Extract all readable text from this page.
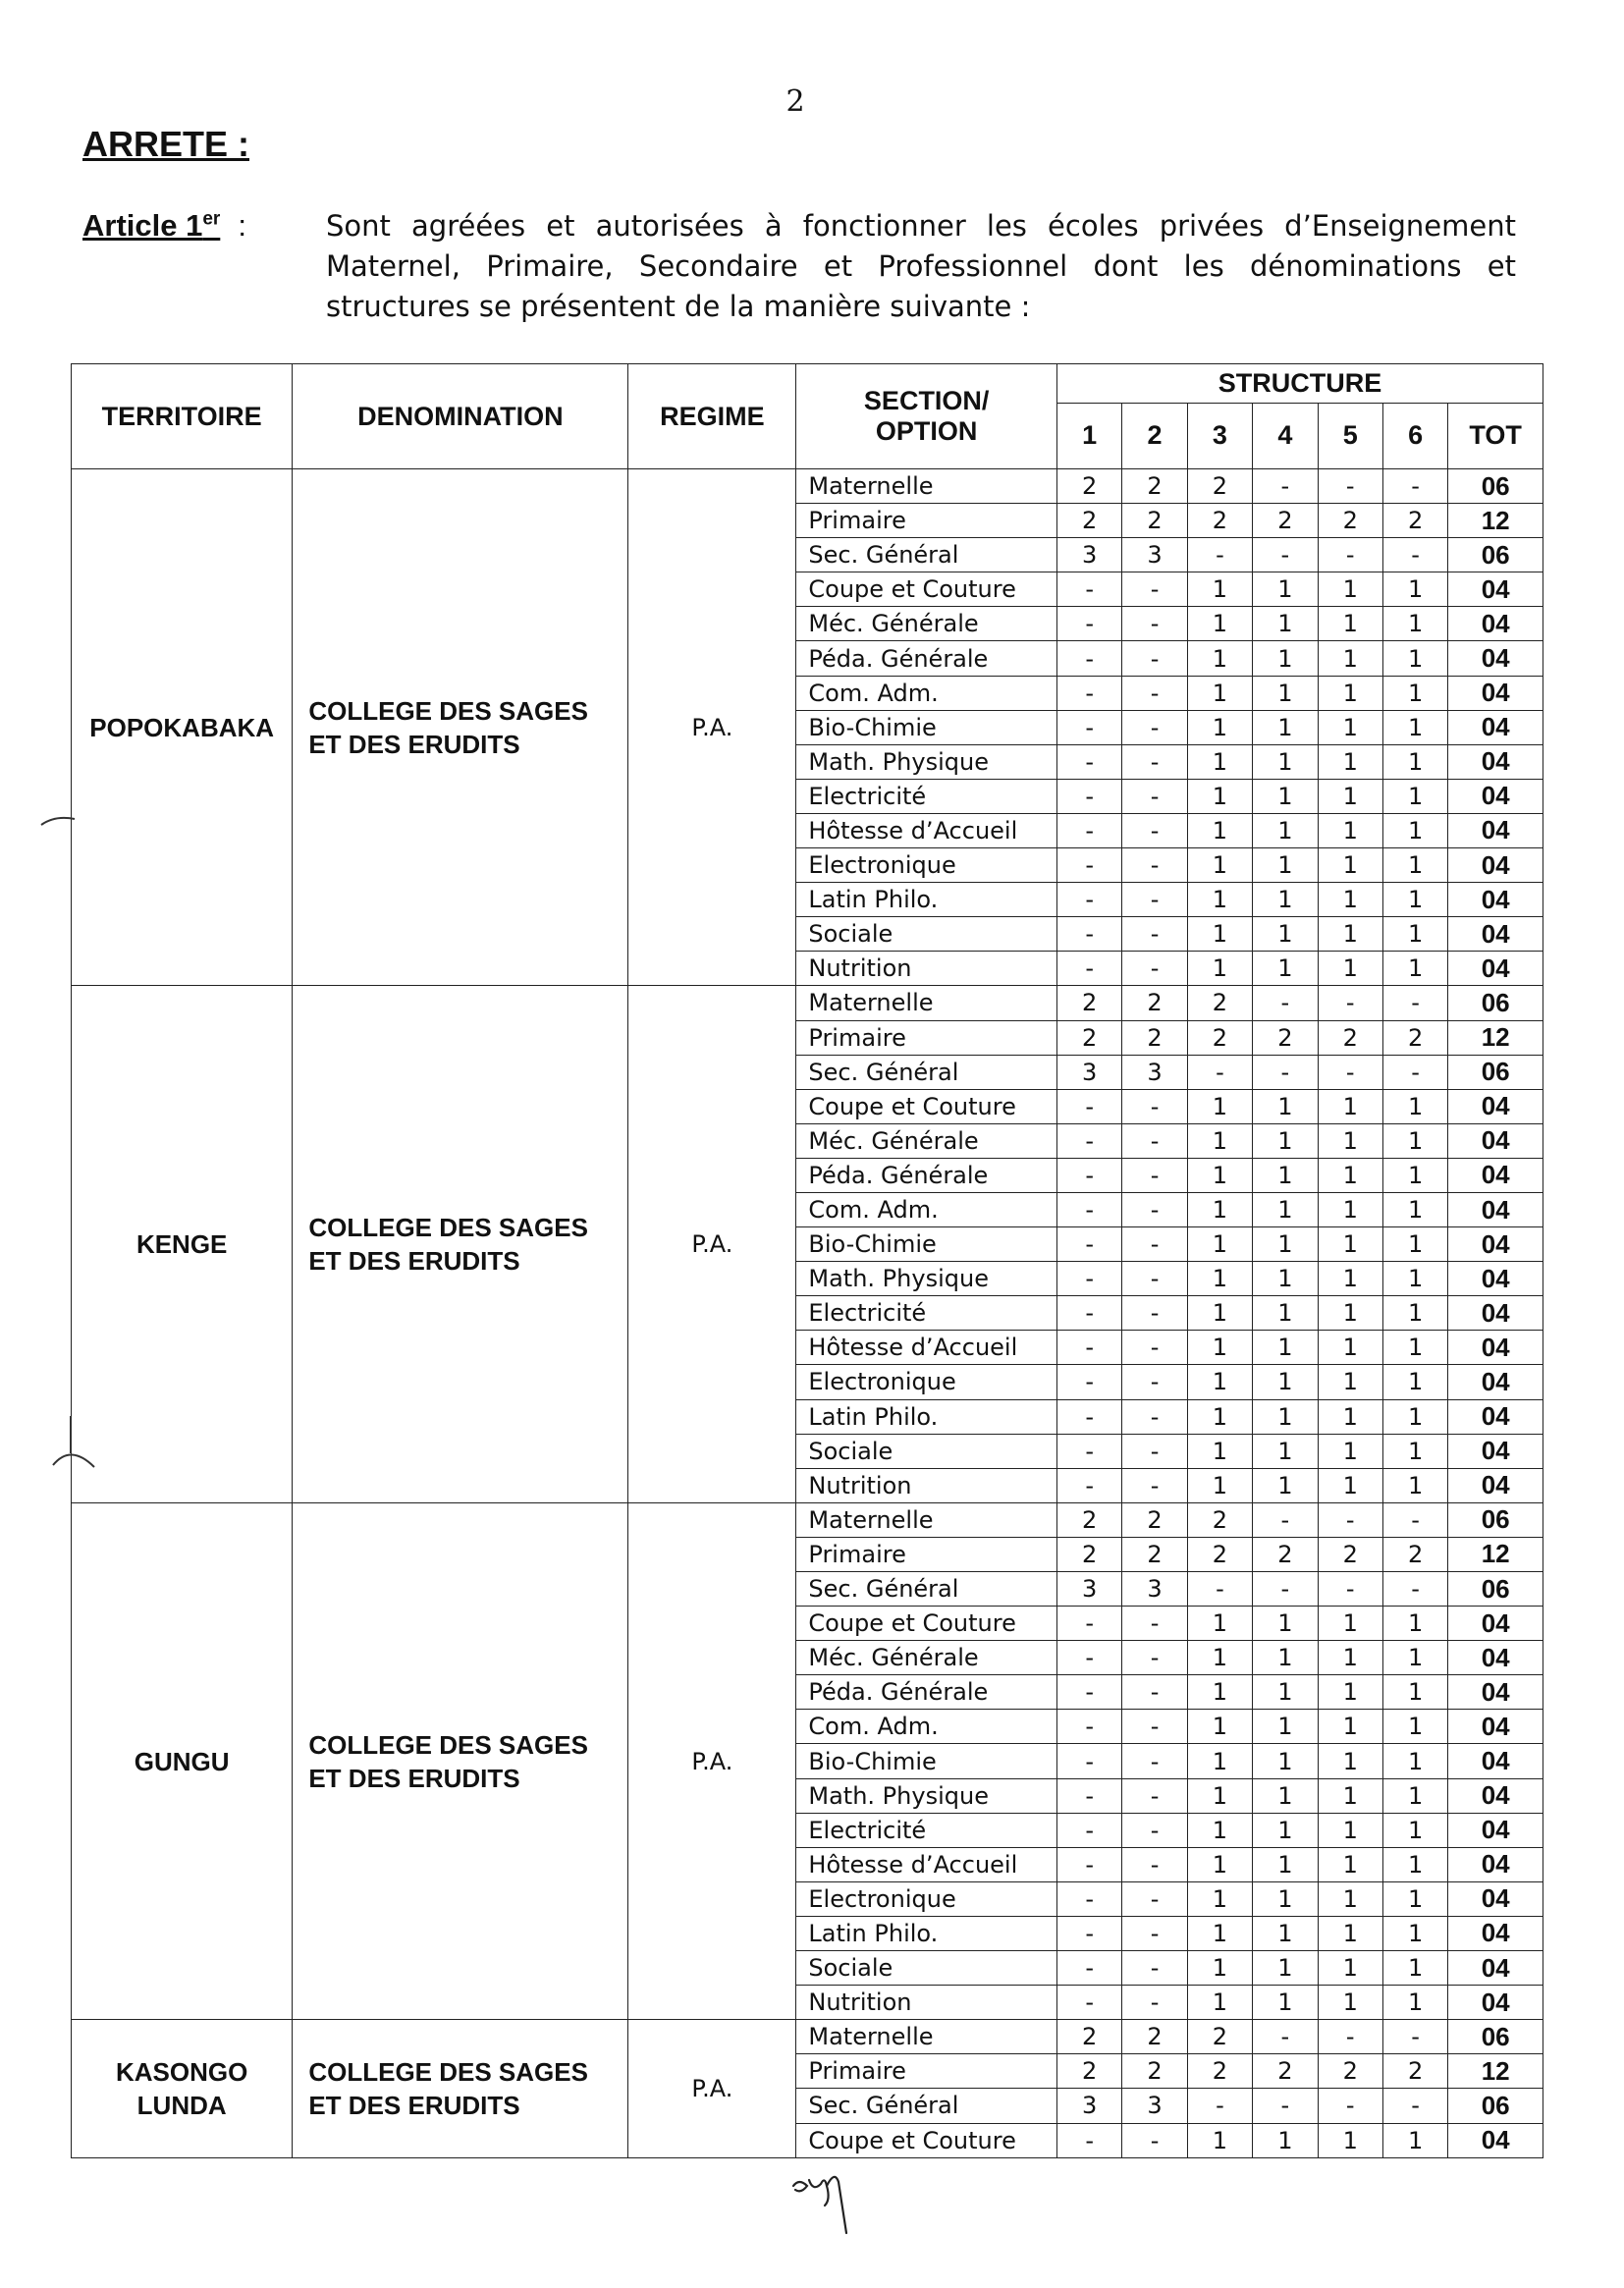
2
ARRETE :
Article 1er :	Sont agréées et autorisées à fonctionner les écoles privées d’Enseignement Maternel, Primaire, Secondaire et Professionnel dont les dénominations et structures se présentent de la manière suivante :
TERRITOIRE	DENOMINATION	REGIME	SECTION/
OPTION	STRUCTURE						
				1	2	3	4	5	6	TOT
POPOKABAKA	COLLEGE DES SAGES ET DES ERUDITS	P.A.	Maternelle	2	2	2	-	-	-	06
			Primaire	2	2	2	2	2	2	12
			Sec. Général	3	3	-	-	-	-	06
			Coupe et Couture	-	-	1	1	1	1	04
			Méc. Générale	-	-	1	1	1	1	04
			Péda. Générale	-	-	1	1	1	1	04
			Com. Adm.	-	-	1	1	1	1	04
			Bio-Chimie	-	-	1	1	1	1	04
			Math. Physique	-	-	1	1	1	1	04
			Electricité	-	-	1	1	1	1	04
			Hôtesse d’Accueil	-	-	1	1	1	1	04
			Electronique	-	-	1	1	1	1	04
			Latin Philo.	-	-	1	1	1	1	04
			Sociale	-	-	1	1	1	1	04
			Nutrition	-	-	1	1	1	1	04
KENGE	COLLEGE DES SAGES ET DES ERUDITS	P.A.	Maternelle	2	2	2	-	-	-	06
			Primaire	2	2	2	2	2	2	12
			Sec. Général	3	3	-	-	-	-	06
			Coupe et Couture	-	-	1	1	1	1	04
			Méc. Générale	-	-	1	1	1	1	04
			Péda. Générale	-	-	1	1	1	1	04
			Com. Adm.	-	-	1	1	1	1	04
			Bio-Chimie	-	-	1	1	1	1	04
			Math. Physique	-	-	1	1	1	1	04
			Electricité	-	-	1	1	1	1	04
			Hôtesse d’Accueil	-	-	1	1	1	1	04
			Electronique	-	-	1	1	1	1	04
			Latin Philo.	-	-	1	1	1	1	04
			Sociale	-	-	1	1	1	1	04
			Nutrition	-	-	1	1	1	1	04
GUNGU	COLLEGE DES SAGES ET DES ERUDITS	P.A.	Maternelle	2	2	2	-	-	-	06
			Primaire	2	2	2	2	2	2	12
			Sec. Général	3	3	-	-	-	-	06
			Coupe et Couture	-	-	1	1	1	1	04
			Méc. Générale	-	-	1	1	1	1	04
			Péda. Générale	-	-	1	1	1	1	04
			Com. Adm.	-	-	1	1	1	1	04
			Bio-Chimie	-	-	1	1	1	1	04
			Math. Physique	-	-	1	1	1	1	04
			Electricité	-	-	1	1	1	1	04
			Hôtesse d’Accueil	-	-	1	1	1	1	04
			Electronique	-	-	1	1	1	1	04
			Latin Philo.	-	-	1	1	1	1	04
			Sociale	-	-	1	1	1	1	04
			Nutrition	-	-	1	1	1	1	04
KASONGO LUNDA	COLLEGE DES SAGES ET DES ERUDITS	P.A.	Maternelle	2	2	2	-	-	-	06
			Primaire	2	2	2	2	2	2	12
			Sec. Général	3	3	-	-	-	-	06
			Coupe et Couture	-	-	1	1	1	1	04
